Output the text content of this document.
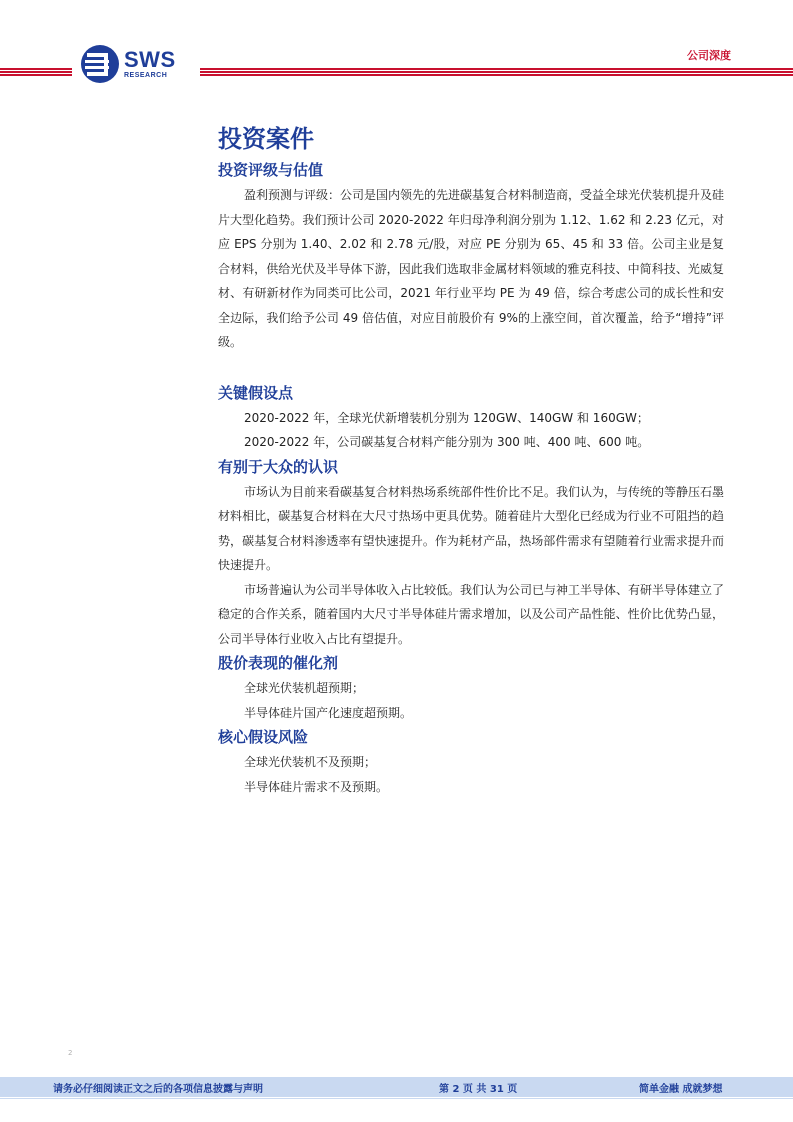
SWS
RESEARCH
公司深度
投资案件
投资评级与估值

盈利预测与评级：公司是国内领先的先进碳基复合材料制造商，受益全球光伏装机提升及硅片大型化趋势。我们预计公司 2020-2022 年归母净利润分别为 1.12、1.62 和 2.23 亿元，对应 EPS 分别为 1.40、2.02 和 2.78 元/股，对应 PE 分别为 65、45 和 33 倍。公司主业是复合材料，供给光伏及半导体下游，因此我们选取非金属材料领域的雅克科技、中简科技、光威复材、有研新材作为同类可比公司，2021 年行业平均 PE 为 49 倍，综合考虑公司的成长性和安全边际，我们给予公司 49 倍估值，对应目前股价有 9%的上涨空间，首次覆盖，给予“增持”评级。

关键假设点

2020-2022 年，全球光伏新增装机分别为 120GW、140GW 和 160GW；

2020-2022 年，公司碳基复合材料产能分别为 300 吨、400 吨、600 吨。

有别于大众的认识

市场认为目前来看碳基复合材料热场系统部件性价比不足。我们认为，与传统的等静压石墨材料相比，碳基复合材料在大尺寸热场中更具优势。随着硅片大型化已经成为行业不可阻挡的趋势，碳基复合材料渗透率有望快速提升。作为耗材产品，热场部件需求有望随着行业需求提升而快速提升。

市场普遍认为公司半导体收入占比较低。我们认为公司已与神工半导体、有研半导体建立了稳定的合作关系，随着国内大尺寸半导体硅片需求增加，以及公司产品性能、性价比优势凸显，公司半导体行业收入占比有望提升。

股价表现的催化剂

全球光伏装机超预期；

半导体硅片国产化速度超预期。

核心假设风险

全球光伏装机不及预期；

半导体硅片需求不及预期。

2
请务必仔细阅读正文之后的各项信息披露与声明	第 2 页 共 31 页	简单金融 成就梦想
